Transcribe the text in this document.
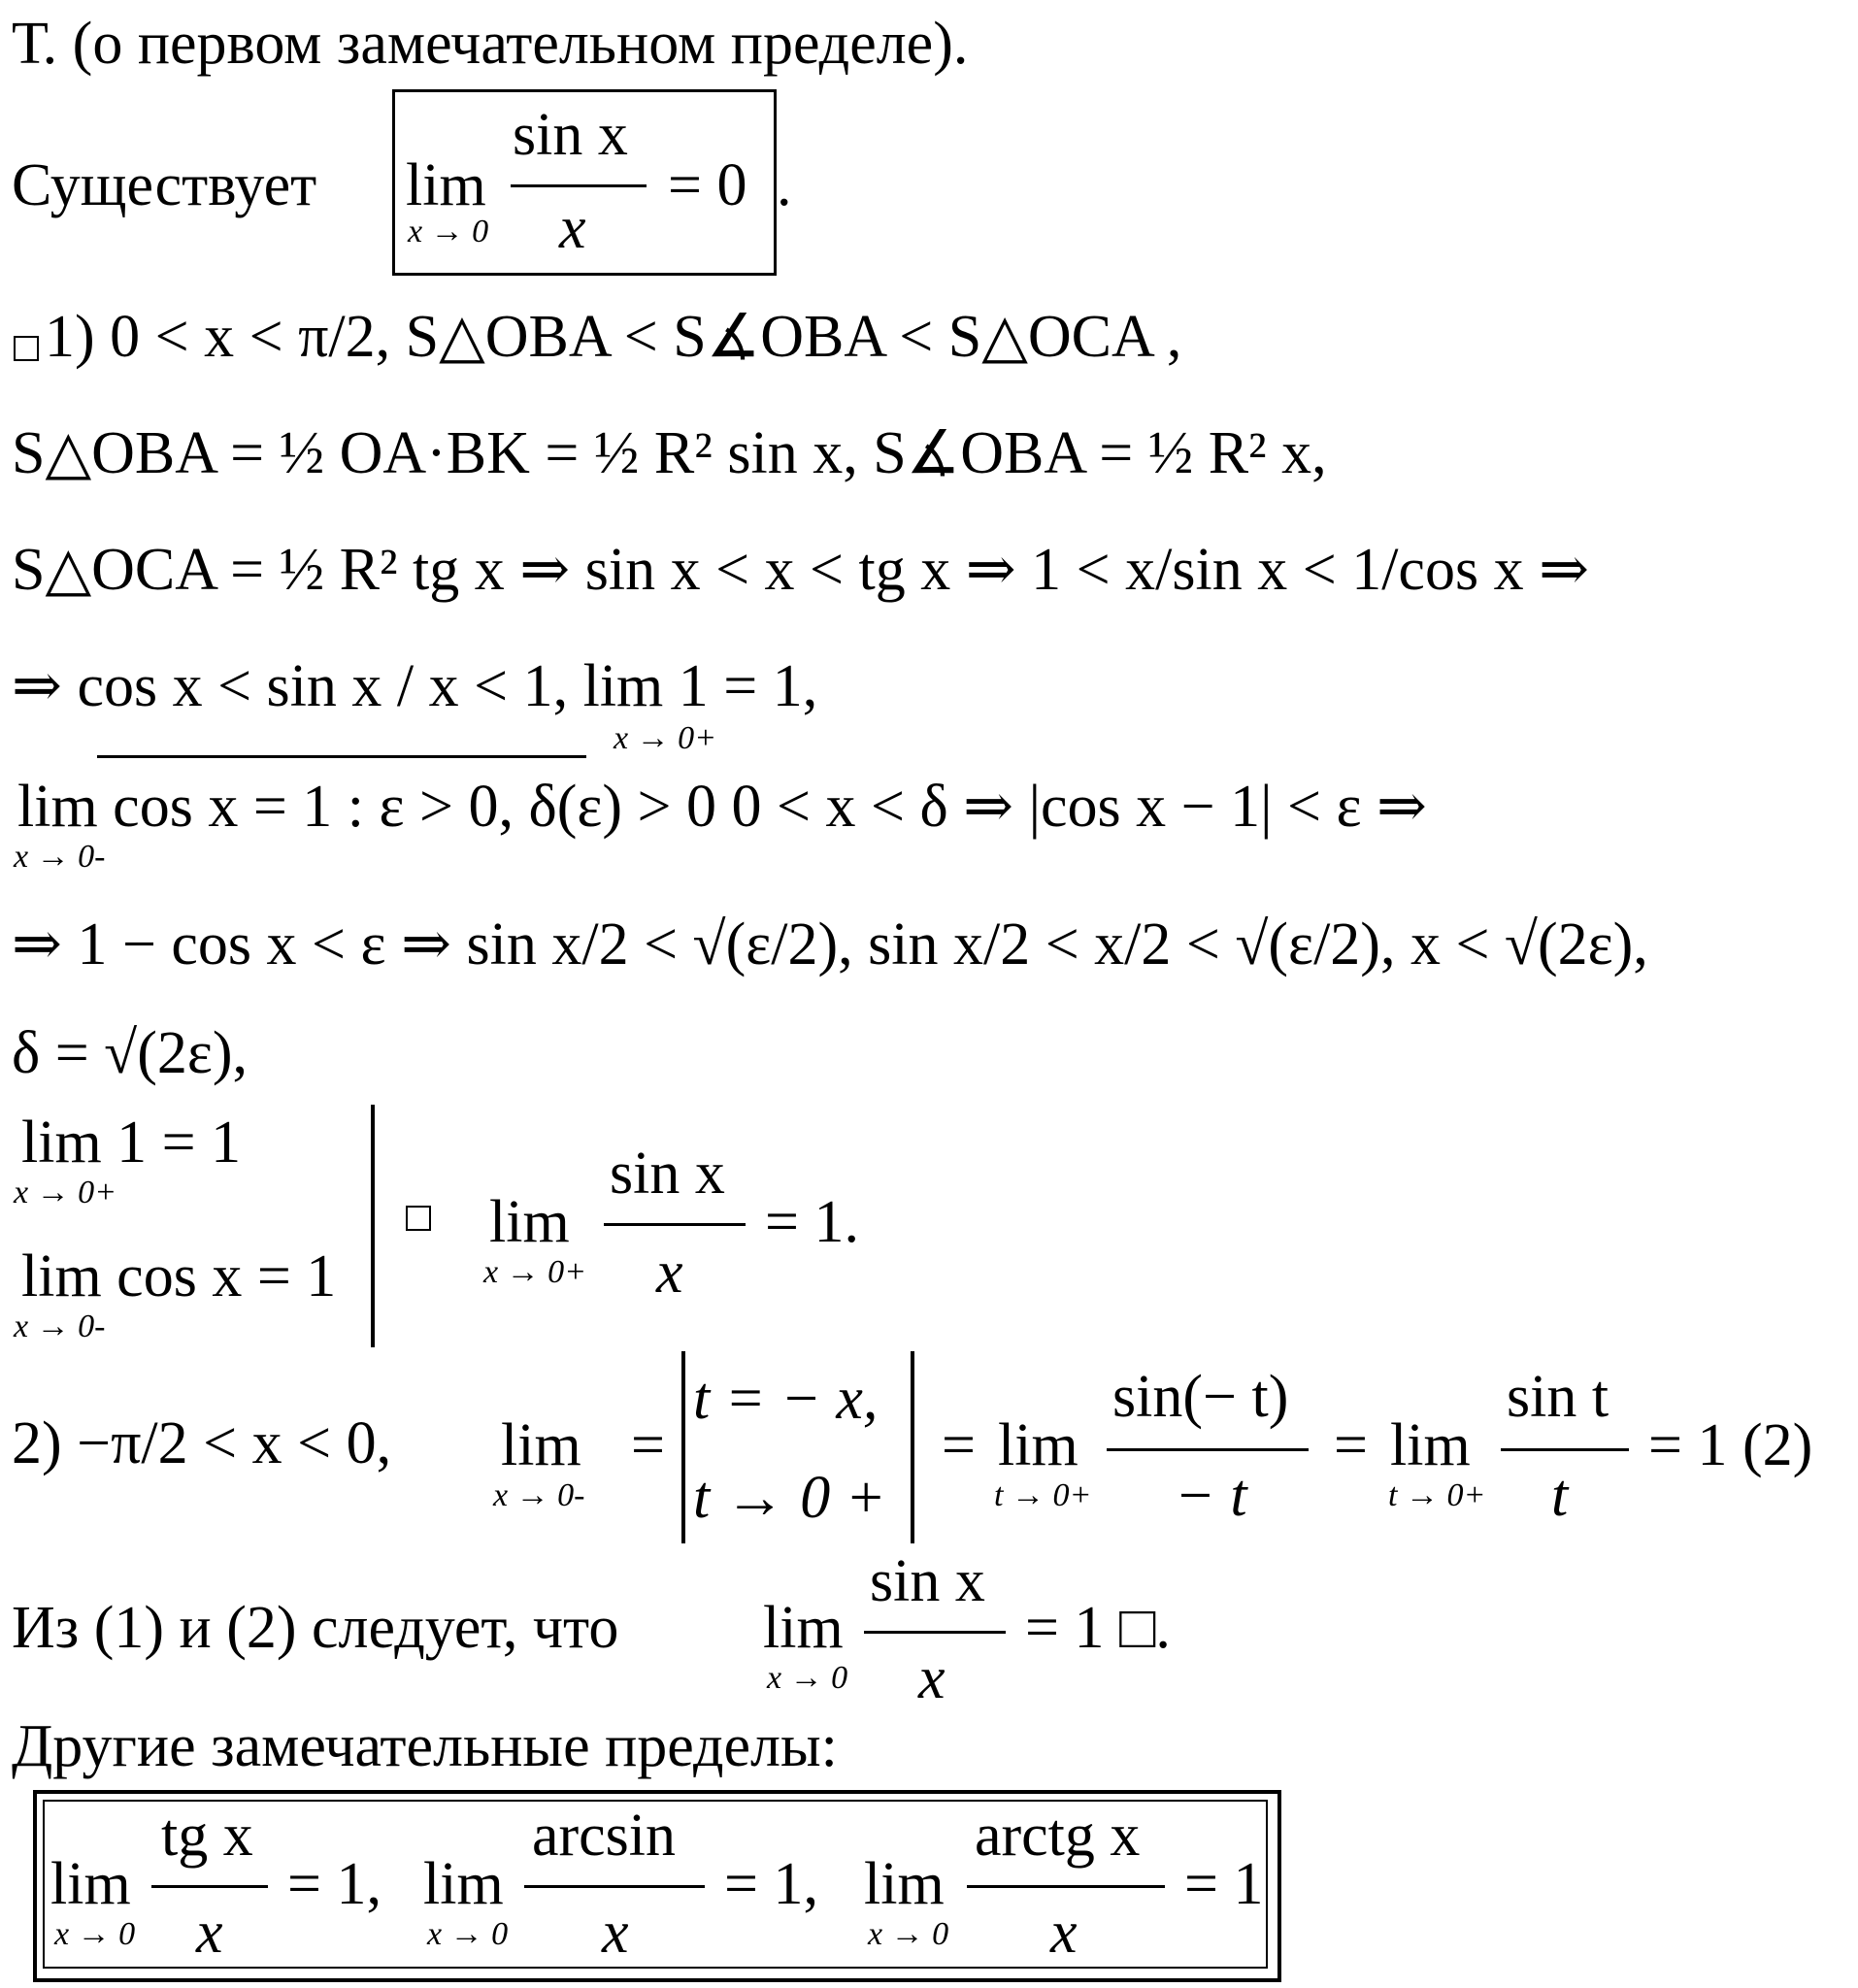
Т. (о первом замечательном пределе).
Существует lim
x → 0
sin x
x
= 0 .
1) 0 < x < π/2, S△OBA < S∡OBA < S△OCA ,
S△OBA = ½ OA·BK = ½ R² sin x, S∡OBA = ½ R² x,
S△OCA = ½ R² tg x ⇒ sin x < x < tg x ⇒ 1 < x/sin x < 1/cos x ⇒
⇒ cos x < sin x / x < 1, lim 1 = 1,
x → 0+
lim cos x = 1 : ε > 0, δ(ε) > 0 0 < x < δ ⇒ |cos x − 1| < ε ⇒
x → 0-
⇒ 1 − cos x < ε ⇒ sin x/2 < √(ε/2), sin x/2 < x/2 < √(ε/2), x < √(2ε),
δ = √(2ε),
lim 1 = 1
x → 0+
lim cos x = 1
x → 0-
lim
x → 0+
sin x
x
= 1.
2) −π/2 < x < 0, lim
x → 0-
=
t = − x,
t → 0 +
= lim
t → 0+
sin(− t)
− t
= lim
t → 0+
sin t
t
= 1 (2)
Из (1) и (2) следует, что lim
x → 0
sin x
x
= 1 □.
Другие замечательные пределы:
lim
x → 0
tg x
x
= 1, lim
x → 0
arcsin
x
= 1, lim
x → 0
arctg x
x
= 1
